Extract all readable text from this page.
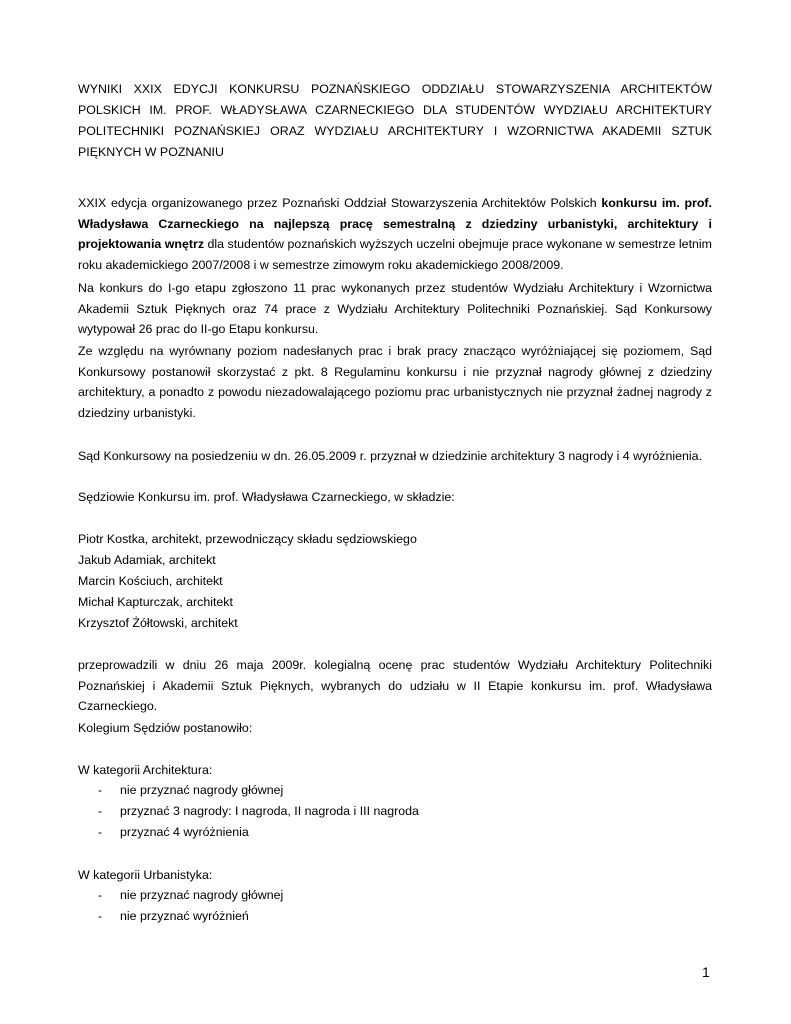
WYNIKI XXIX EDYCJI KONKURSU POZNAŃSKIEGO ODDZIAŁU STOWARZYSZENIA ARCHITEKTÓW POLSKICH IM. PROF. WŁADYSŁAWA CZARNECKIEGO DLA STUDENTÓW WYDZIAŁU ARCHITEKTURY POLITECHNIKI POZNAŃSKIEJ ORAZ WYDZIAŁU ARCHITEKTURY I WZORNICTWA AKADEMII SZTUK PIĘKNYCH W POZNANIU

XXIX edycja organizowanego przez Poznański Oddział Stowarzyszenia Architektów Polskich konkursu im. prof. Władysława Czarneckiego na najlepszą pracę semestralną z dziedziny urbanistyki, architektury i projektowania wnętrz dla studentów poznańskich wyższych uczelni obejmuje prace wykonane w semestrze letnim roku akademickiego 2007/2008 i w semestrze zimowym roku akademickiego 2008/2009.

Na konkurs do I-go etapu zgłoszono 11 prac wykonanych przez studentów Wydziału Architektury i Wzornictwa Akademii Sztuk Pięknych oraz 74 prace z Wydziału Architektury Politechniki Poznańskiej. Sąd Konkursowy wytypował 26 prac do II-go Etapu konkursu.

Ze względu na wyrównany poziom nadesłanych prac i brak pracy znacząco wyróżniającej się poziomem, Sąd Konkursowy postanowił skorzystać z pkt. 8 Regulaminu konkursu i nie przyznał nagrody głównej z dziedziny architektury, a ponadto z powodu niezadowalającego poziomu prac urbanistycznych nie przyznał żadnej nagrody z dziedziny urbanistyki.

Sąd Konkursowy na posiedzeniu w dn. 26.05.2009 r. przyznał w dziedzinie architektury 3 nagrody i 4 wyróżnienia.
Sędziowie Konkursu im. prof. Władysława Czarneckiego, w składzie:
Piotr Kostka, architekt, przewodniczący składu sędziowskiego
Jakub Adamiak, architekt
Marcin Kościuch, architekt
Michał Kapturczak, architekt
Krzysztof Żółtowski, architekt

przeprowadzili w dniu 26 maja 2009r. kolegialną ocenę prac studentów Wydziału Architektury Politechniki Poznańskiej i Akademii Sztuk Pięknych, wybranych do udziału w II Etapie konkursu im. prof. Władysława Czarneckiego.

Kolegium Sędziów postanowiło:
W kategorii Architektura:
- nie przyznać nagrody głównej
- przyznać 3 nagrody: I nagroda, II nagroda i III nagroda
- przyznać 4 wyróżnienia
W kategorii Urbanistyka:
- nie przyznać nagrody głównej
- nie przyznać wyróżnień
1
